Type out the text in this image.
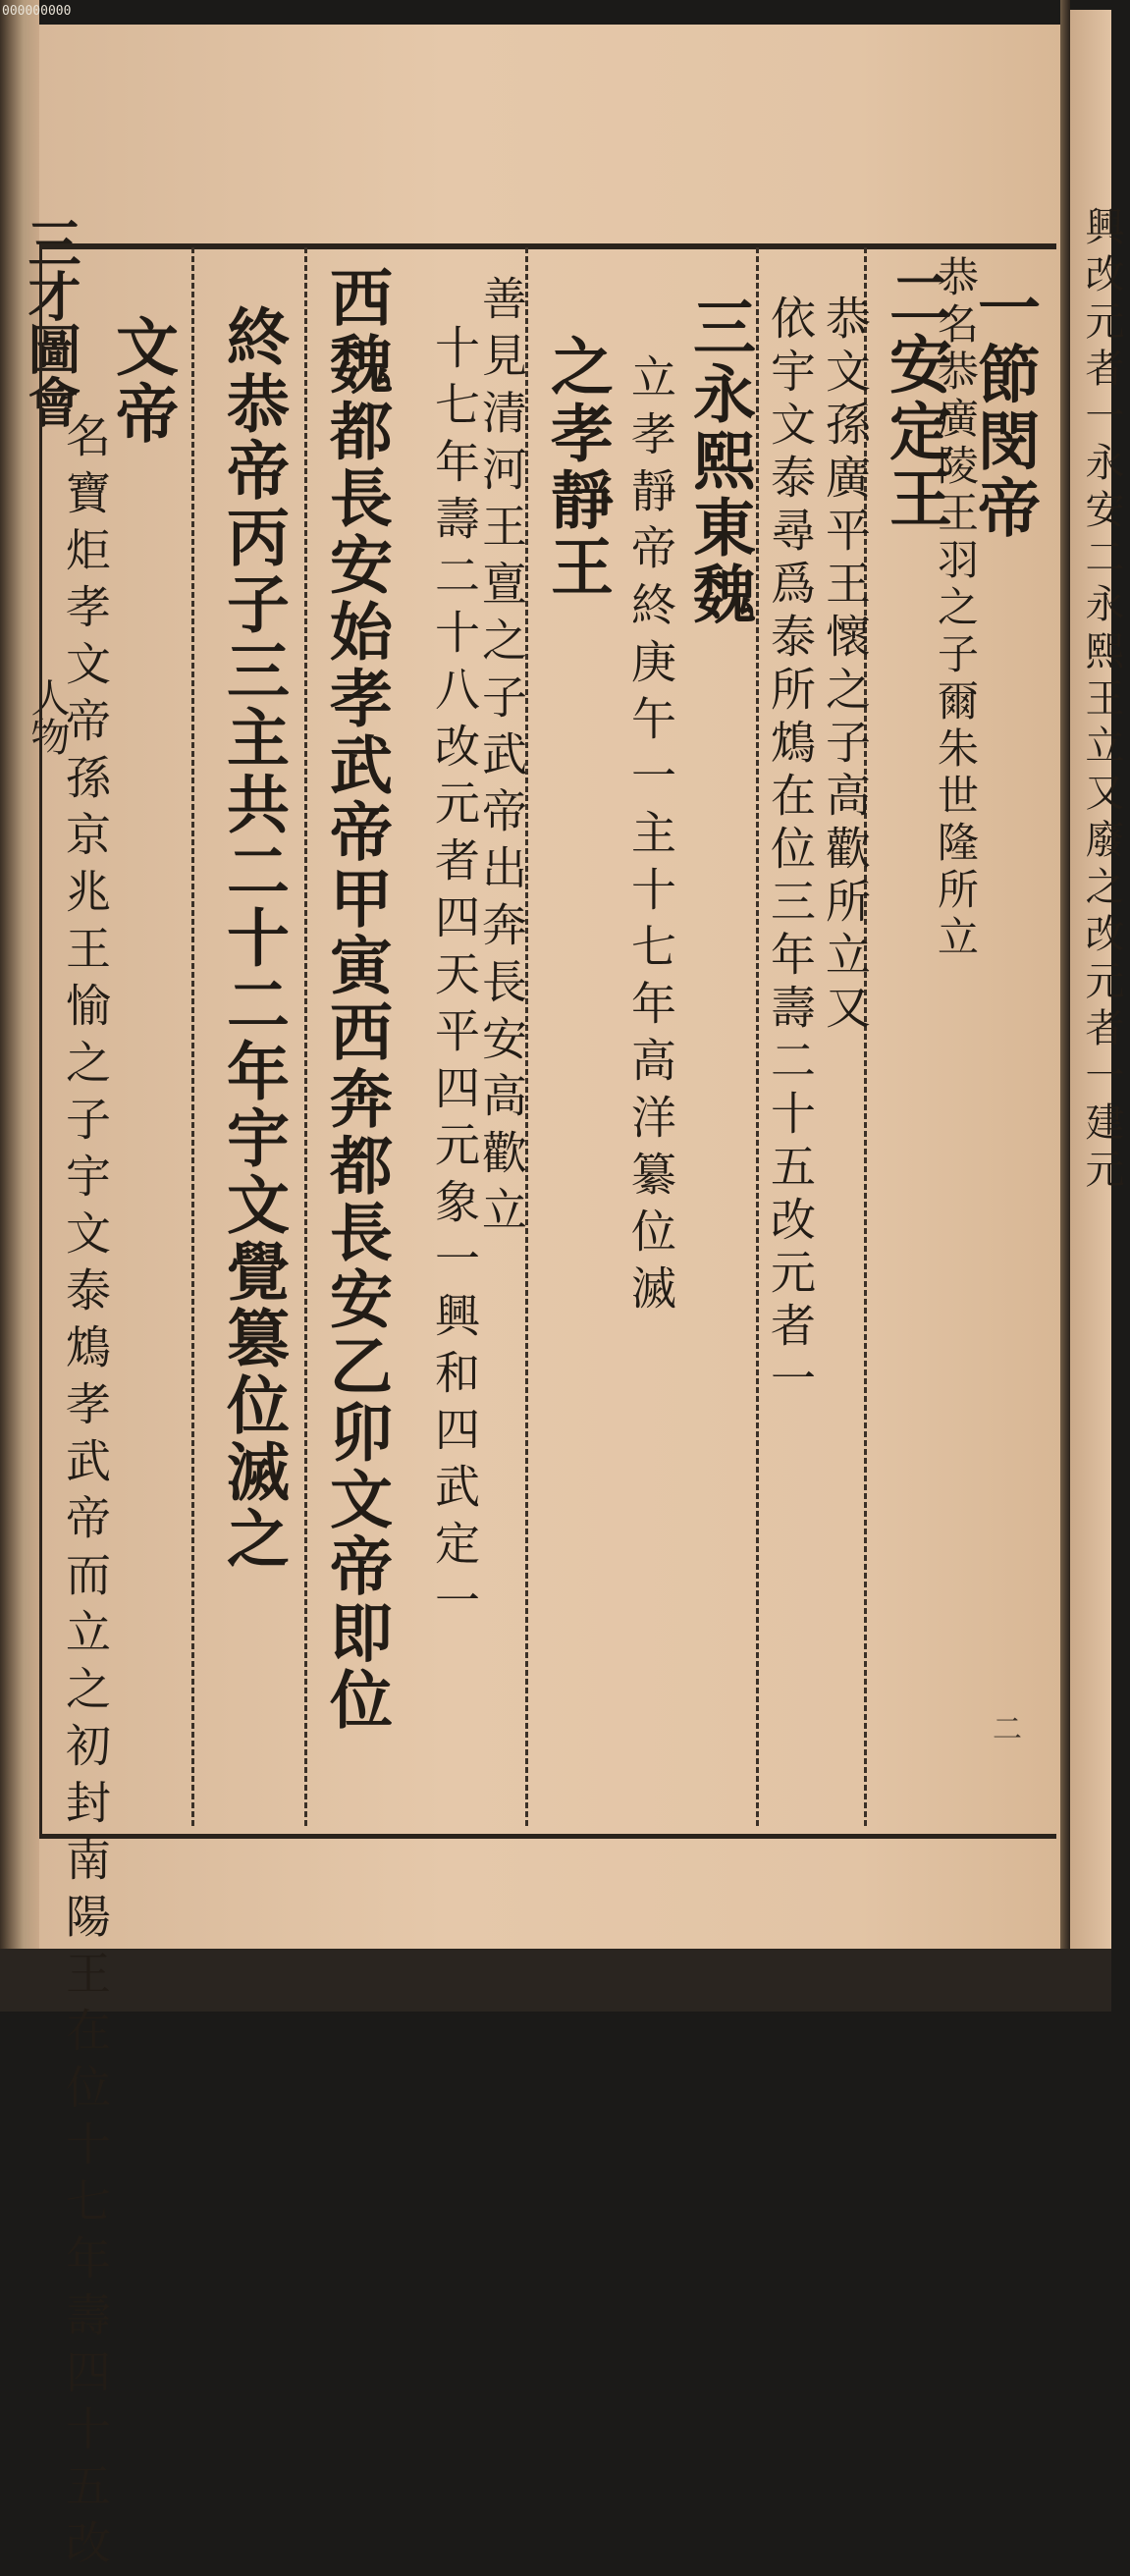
000000000
三才圖會
人物	興改元者一永安二永熙王立又廢之改元者一建元
一節閔帝
恭名恭廣陵王羽之子爾朱世隆所立
二安定王
恭文孫廣平王懷之子高歡所立又
依宇文泰尋爲泰所鴆在位三年壽二十五改元者一
三永熙東魏
立孝靜帝終庚午一主十七年高洋纂位滅
之孝靜王
善見清河王亶之子武帝出奔長安高歡立
十七年壽二十八改元者四天平四元象一興和四武定一
西魏都長安始孝武帝甲寅西奔都長安乙卯文帝即位
終恭帝丙子三主共二十二年宇文覺篡位滅之
文帝
名寶炬孝文帝孫京兆王愉之子宇文泰鴆孝武帝而立之初封南陽王在位十七年壽四十五改	二
